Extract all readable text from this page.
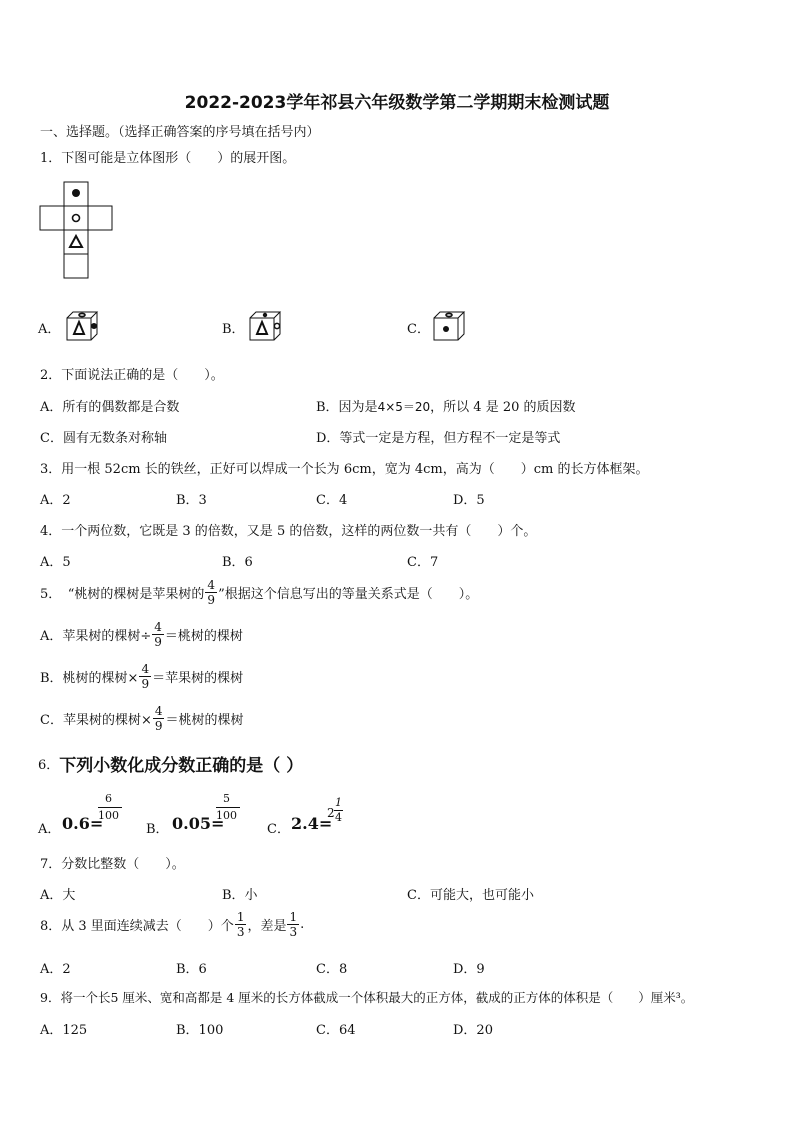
2022-2023学年祁县六年级数学第二学期期末检测试题
一、选择题。（选择正确答案的序号填在括号内）
1．下图可能是立体图形（　　）的展开图。
A．	B．	C．
2．下面说法正确的是（　　）。
A．所有的偶数都是合数	B．因为是4×5＝20，所以 4 是 20 的质因数
C．圆有无数条对称轴	D．等式一定是方程，但方程不一定是等式
3．用一根 52cm 长的铁丝，正好可以焊成一个长为 6cm，宽为 4cm，高为（　　）cm 的长方体框架。
A．2	B．3	C．4	D．5
4．一个两位数，它既是 3 的倍数，又是 5 的倍数，这样的两位数一共有（　　）个。
A．5	B．6	C．7
5．　“桃树的棵树是苹果树的 $\frac{4}{9}$ ”根据这个信息写出的等量关系式是（　　）。
A．苹果树的棵树÷ $\frac{4}{9}$ ＝桃树的棵树
B．桃树的棵树× $\frac{4}{9}$ ＝苹果树的棵树
C．苹果树的棵树× $\frac{4}{9}$ ＝桃树的棵树
6． 下列小数化成分数正确的是（ ）
A． 0.6=
$\frac{6}{100}$
B． 0.05=
$\frac{5}{100}$
C． 2.4=
2
1
4
7．分数比整数（　　）。
A．大	B．小	C．可能大，也可能小
8．从 3 里面连续减去（　　）个 $\frac{1}{3}$ ，差是 $\frac{1}{3}$ .
A．2	B．6	C．8	D．9
9．将一个长5 厘米、宽和高都是 4 厘米的长方体截成一个体积最大的正方体，截成的正方体的体积是（　　）厘米³。
A．125	B．100	C．64	D．20
